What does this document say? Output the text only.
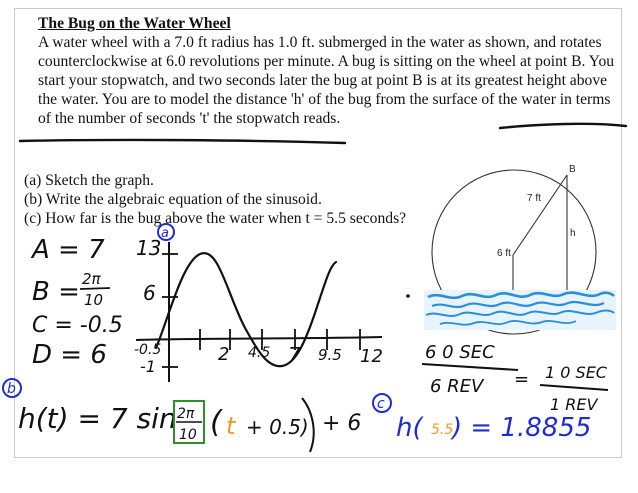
The Bug on the Water Wheel
A water wheel with a 7.0 ft radius has 1.0 ft. submerged in the water as shown, and rotates counterclockwise at 6.0 revolutions per minute. A bug is sitting on the wheel at point B. You start your stopwatch, and two seconds later the bug at point B is at its greatest height above the water. You are to model the distance 'h' of the bug from the surface of the water in terms of the number of seconds 't' the stopwatch reads.
(a) Sketch the graph.
(b) Write the algebraic equation of the sinusoid.
(c) How far is the bug above the water when t = 5.5 seconds?
B
7 ft
6 ft
h
A = 7
B = 2π
10
C = -0.5
D = 6
a
13
6
-1
-0.5	2 4.5 7 9.5 12 6 0 SEC
6 REV = 1 0 SEC
1 REV
b
h(t) = 7 sin 2π
10 ( t + 0.5) + 6
c
h( 5.5
) = 1.8855
